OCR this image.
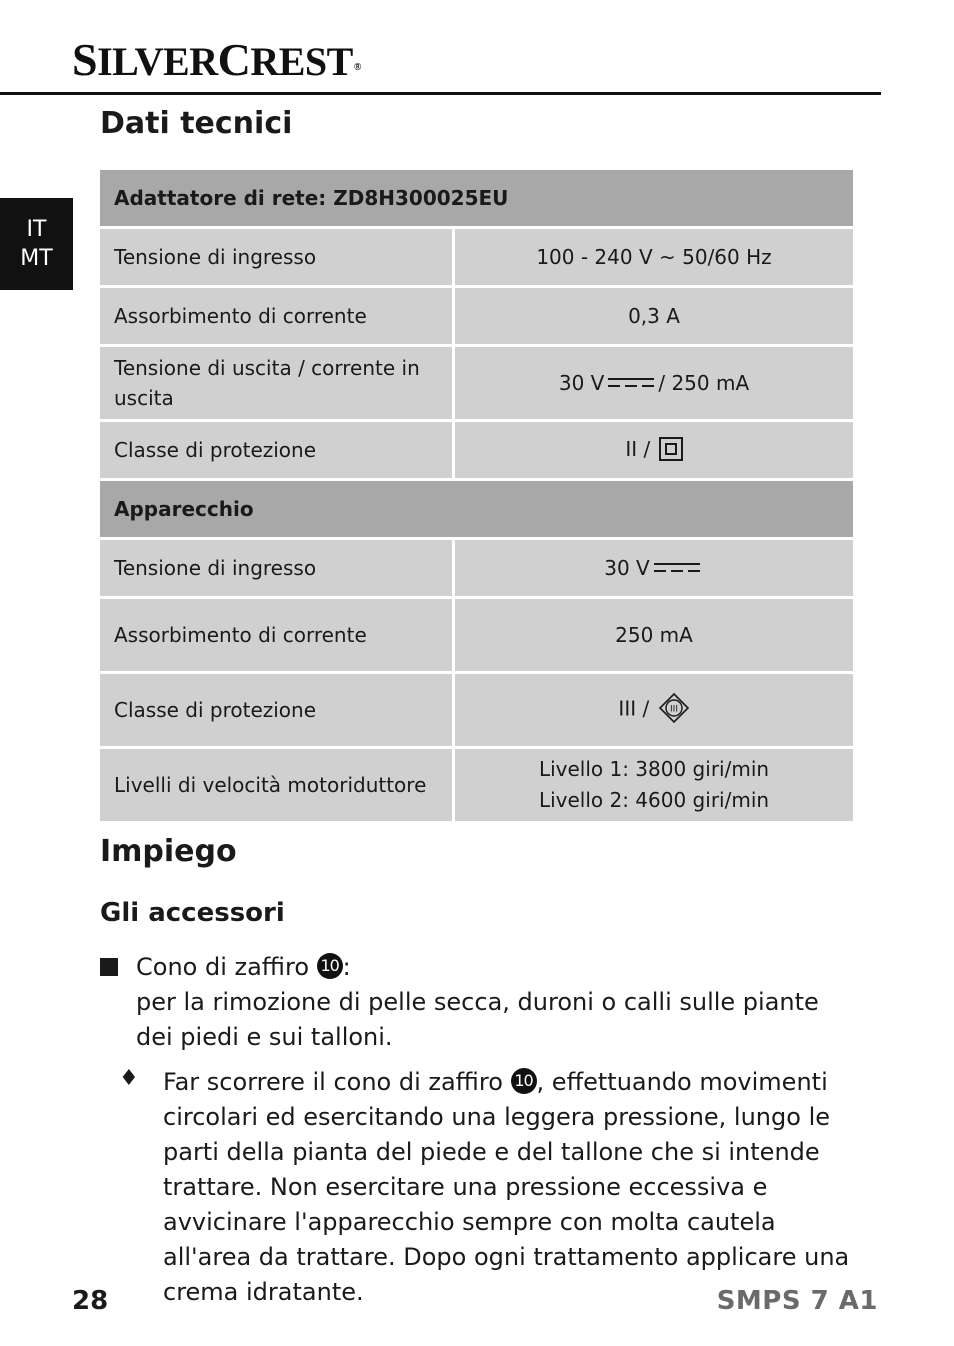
SILVERCREST®
IT
MT
Dati tecnici
Adattatore di rete: ZD8H300025EU	
Tensione di ingresso	100 - 240 V ~ 50/60 Hz
Assorbimento di corrente	0,3 A
Tensione di uscita / corrente in uscita	30 V / 250 mA
Classe di protezione	II /
Apparecchio	
Tensione di ingresso	30 V
Assorbimento di corrente	250 mA
Classe di protezione	III / III

Livelli di velocità motoriduttore	Livello 1: 3800 giri/min
Livello 2: 4600 giri/min
Impiego
Gli accessori

Cono di zaffiro 10 :
per la rimozione di pelle secca, duroni o calli sulle piante dei piedi e sui talloni.

♦ Far scorrere il cono di zaffiro 10 , effettuando movimenti circolari ed esercitando una leggera pressione, lungo le parti della pianta del piede e del tallone che si intende trattare. Non esercitare una pressione eccessiva e avvicinare l'apparecchio sempre con molta cautela all'area da trattare. Dopo ogni trattamento applicare una crema idratante.

28	SMPS 7 A1
